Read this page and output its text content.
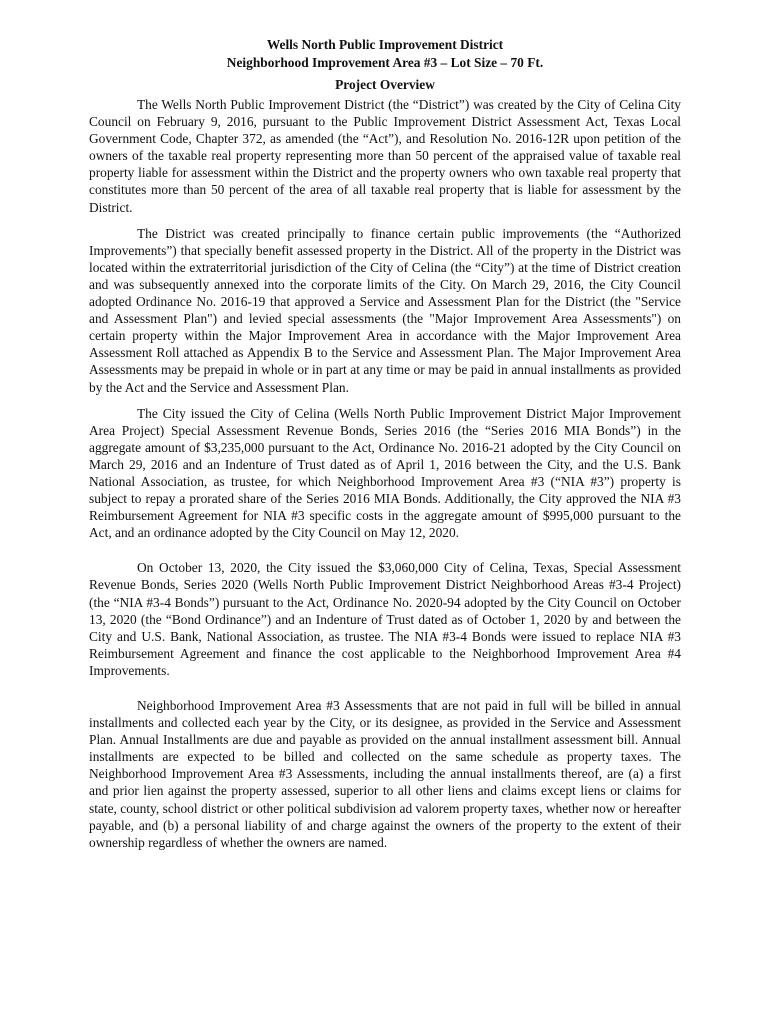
Wells North Public Improvement District

Neighborhood Improvement Area #3 – Lot Size – 70 Ft.

Project Overview

The Wells North Public Improvement District (the “District”) was created by the City of Celina City Council on February 9, 2016, pursuant to the Public Improvement District Assessment Act, Texas Local Government Code, Chapter 372, as amended (the “Act”), and Resolution No. 2016-12R upon petition of the owners of the taxable real property representing more than 50 percent of the appraised value of taxable real property liable for assessment within the District and the property owners who own taxable real property that constitutes more than 50 percent of the area of all taxable real property that is liable for assessment by the District.

The District was created principally to finance certain public improvements (the “Authorized Improvements”) that specially benefit assessed property in the District. All of the property in the District was located within the extraterritorial jurisdiction of the City of Celina (the “City”) at the time of District creation and was subsequently annexed into the corporate limits of the City. On March 29, 2016, the City Council adopted Ordinance No. 2016-19 that approved a Service and Assessment Plan for the District (the "Service and Assessment Plan") and levied special assessments (the "Major Improvement Area Assessments") on certain property within the Major Improvement Area in accordance with the Major Improvement Area Assessment Roll attached as Appendix B to the Service and Assessment Plan. The Major Improvement Area Assessments may be prepaid in whole or in part at any time or may be paid in annual installments as provided by the Act and the Service and Assessment Plan.

The City issued the City of Celina (Wells North Public Improvement District Major Improvement Area Project) Special Assessment Revenue Bonds, Series 2016 (the “Series 2016 MIA Bonds”) in the aggregate amount of $3,235,000 pursuant to the Act, Ordinance No. 2016-21 adopted by the City Council on March 29, 2016 and an Indenture of Trust dated as of April 1, 2016 between the City, and the U.S. Bank National Association, as trustee, for which Neighborhood Improvement Area #3 (“NIA #3”) property is subject to repay a prorated share of the Series 2016 MIA Bonds. Additionally, the City approved the NIA #3 Reimbursement Agreement for NIA #3 specific costs in the aggregate amount of $995,000 pursuant to the Act, and an ordinance adopted by the City Council on May 12, 2020.

On October 13, 2020, the City issued the $3,060,000 City of Celina, Texas, Special Assessment Revenue Bonds, Series 2020 (Wells North Public Improvement District Neighborhood Areas #3-4 Project) (the “NIA #3-4 Bonds”) pursuant to the Act, Ordinance No. 2020-94 adopted by the City Council on October 13, 2020 (the “Bond Ordinance”) and an Indenture of Trust dated as of October 1, 2020 by and between the City and U.S. Bank, National Association, as trustee. The NIA #3-4 Bonds were issued to replace NIA #3 Reimbursement Agreement and finance the cost applicable to the Neighborhood Improvement Area #4 Improvements.

Neighborhood Improvement Area #3 Assessments that are not paid in full will be billed in annual installments and collected each year by the City, or its designee, as provided in the Service and Assessment Plan. Annual Installments are due and payable as provided on the annual installment assessment bill. Annual installments are expected to be billed and collected on the same schedule as property taxes. The Neighborhood Improvement Area #3 Assessments, including the annual installments thereof, are (a) a first and prior lien against the property assessed, superior to all other liens and claims except liens or claims for state, county, school district or other political subdivision ad valorem property taxes, whether now or hereafter payable, and (b) a personal liability of and charge against the owners of the property to the extent of their ownership regardless of whether the owners are named.
